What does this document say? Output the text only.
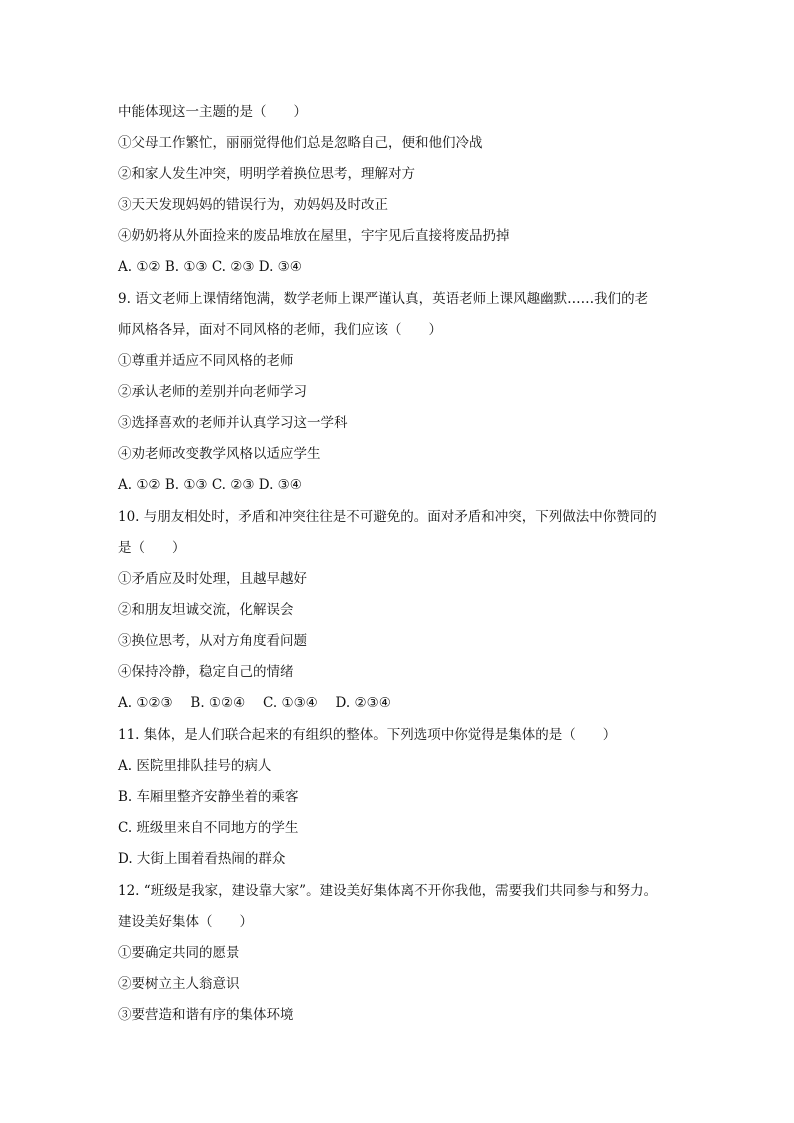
中能体现这一主题的是（　　）
①父母工作繁忙，丽丽觉得他们总是忽略自己，便和他们冷战
②和家人发生冲突，明明学着换位思考，理解对方
③天天发现妈妈的错误行为，劝妈妈及时改正
④奶奶将从外面捡来的废品堆放在屋里，宇宇见后直接将废品扔掉
A. ①② B. ①③ C. ②③ D. ③④
9. 语文老师上课情绪饱满，数学老师上课严谨认真，英语老师上课风趣幽默……我们的老
师风格各异，面对不同风格的老师，我们应该（　　）
①尊重并适应不同风格的老师
②承认老师的差别并向老师学习
③选择喜欢的老师并认真学习这一学科
④劝老师改变教学风格以适应学生
A. ①② B. ①③ C. ②③ D. ③④
10. 与朋友相处时，矛盾和冲突往往是不可避免的。面对矛盾和冲突，下列做法中你赞同的
是（　　）
①矛盾应及时处理，且越早越好
②和朋友坦诚交流，化解误会
③换位思考，从对方角度看问题
④保持冷静，稳定自己的情绪
A. ①②③　 B. ①②④　 C. ①③④　 D. ②③④
11. 集体，是人们联合起来的有组织的整体。下列选项中你觉得是集体的是（　　）
A. 医院里排队挂号的病人
B. 车厢里整齐安静坐着的乘客
C. 班级里来自不同地方的学生
D. 大街上围着看热闹的群众
12. “班级是我家，建设靠大家”。建设美好集体离不开你我他，需要我们共同参与和努力。
建设美好集体（　　）
①要确定共同的愿景
②要树立主人翁意识
③要营造和谐有序的集体环境
